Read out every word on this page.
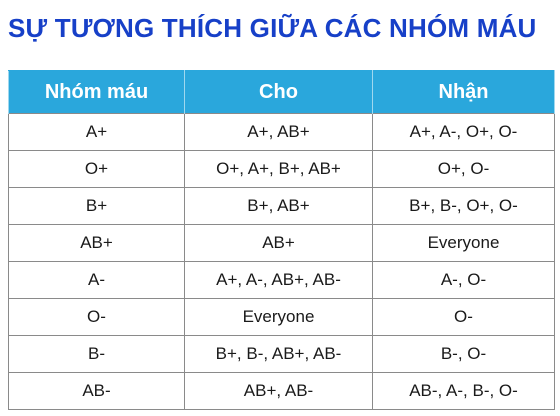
SỰ TƯƠNG THÍCH GIỮA CÁC NHÓM MÁU
Nhóm máu	Cho	Nhận
A+	A+, AB+	A+, A-, O+, O-
O+	O+, A+, B+, AB+	O+, O-
B+	B+, AB+	B+, B-, O+, O-
AB+	AB+	Everyone
A-	A+, A-, AB+, AB-	A-, O-
O-	Everyone	O-
B-	B+, B-, AB+, AB-	B-, O-
AB-	AB+, AB-	AB-, A-, B-, O-
